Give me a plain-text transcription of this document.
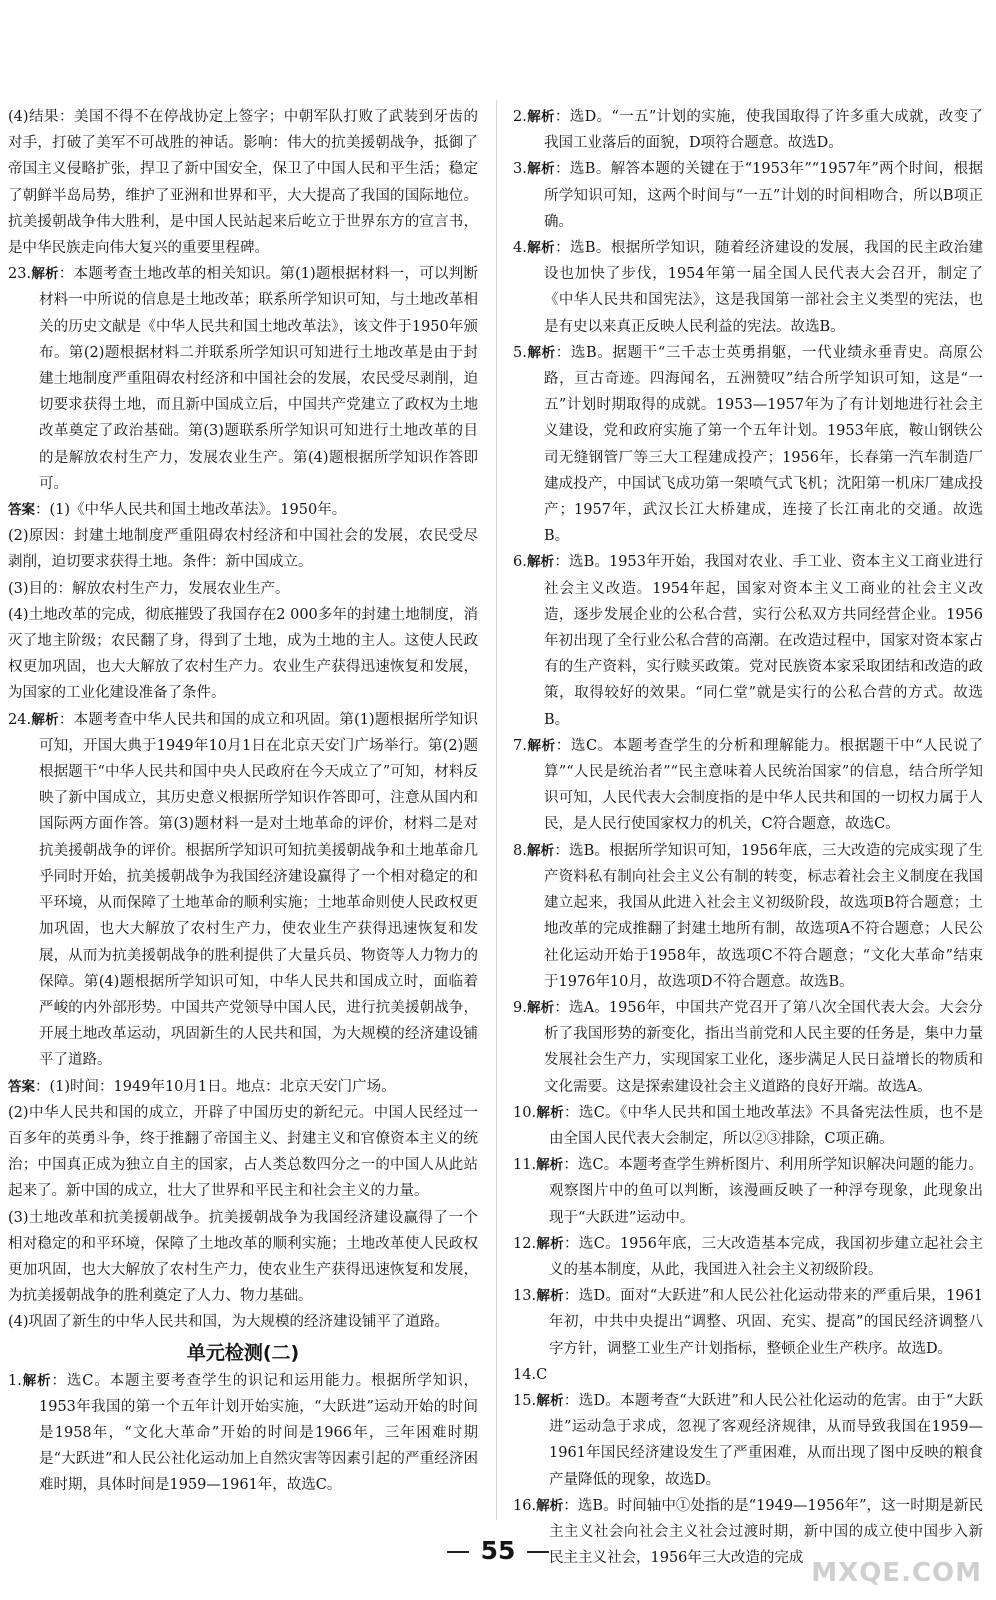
(4)结果：美国不得不在停战协定上签字；中朝军队打败了武装到牙齿的对手，打破了美军不可战胜的神话。影响：伟大的抗美援朝战争，抵御了帝国主义侵略扩张，捍卫了新中国安全，保卫了中国人民和平生活；稳定了朝鲜半岛局势，维护了亚洲和世界和平，大大提高了我国的国际地位。抗美援朝战争伟大胜利，是中国人民站起来后屹立于世界东方的宣言书，是中华民族走向伟大复兴的重要里程碑。

23.解析：本题考查土地改革的相关知识。第(1)题根据材料一，可以判断材料一中所说的信息是土地改革；联系所学知识可知，与土地改革相关的历史文献是《中华人民共和国土地改革法》，该文件于1950年颁布。第(2)题根据材料二并联系所学知识可知进行土地改革是由于封建土地制度严重阻碍农村经济和中国社会的发展，农民受尽剥削，迫切要求获得土地，而且新中国成立后，中国共产党建立了政权为土地改革奠定了政治基础。第(3)题联系所学知识可知进行土地改革的目的是解放农村生产力，发展农业生产。第(4)题根据所学知识作答即可。

答案：(1)《中华人民共和国土地改革法》。1950年。

(2)原因：封建土地制度严重阻碍农村经济和中国社会的发展，农民受尽剥削，迫切要求获得土地。条件：新中国成立。

(3)目的：解放农村生产力，发展农业生产。

(4)土地改革的完成，彻底摧毁了我国存在2 000多年的封建土地制度，消灭了地主阶级；农民翻了身，得到了土地，成为土地的主人。这使人民政权更加巩固，也大大解放了农村生产力。农业生产获得迅速恢复和发展，为国家的工业化建设准备了条件。

24.解析：本题考查中华人民共和国的成立和巩固。第(1)题根据所学知识可知，开国大典于1949年10月1日在北京天安门广场举行。第(2)题根据题干“中华人民共和国中央人民政府在今天成立了”可知，材料反映了新中国成立，其历史意义根据所学知识作答即可，注意从国内和国际两方面作答。第(3)题材料一是对土地革命的评价，材料二是对抗美援朝战争的评价。根据所学知识可知抗美援朝战争和土地革命几乎同时开始，抗美援朝战争为我国经济建设赢得了一个相对稳定的和平环境，从而保障了土地革命的顺利实施；土地革命则使人民政权更加巩固，也大大解放了农村生产力，使农业生产获得迅速恢复和发展，从而为抗美援朝战争的胜利提供了大量兵员、物资等人力物力的保障。第(4)题根据所学知识可知，中华人民共和国成立时，面临着严峻的内外部形势。中国共产党领导中国人民，进行抗美援朝战争，开展土地改革运动，巩固新生的人民共和国，为大规模的经济建设铺平了道路。

答案：(1)时间：1949年10月1日。地点：北京天安门广场。

(2)中华人民共和国的成立，开辟了中国历史的新纪元。中国人民经过一百多年的英勇斗争，终于推翻了帝国主义、封建主义和官僚资本主义的统治；中国真正成为独立自主的国家，占人类总数四分之一的中国人从此站起来了。新中国的成立，壮大了世界和平民主和社会主义的力量。

(3)土地改革和抗美援朝战争。抗美援朝战争为我国经济建设赢得了一个相对稳定的和平环境，保障了土地改革的顺利实施；土地改革使人民政权更加巩固，也大大解放了农村生产力，使农业生产获得迅速恢复和发展，为抗美援朝战争的胜利奠定了人力、物力基础。

(4)巩固了新生的中华人民共和国，为大规模的经济建设铺平了道路。

单元检测(二)
1.解析：选C。本题主要考查学生的识记和运用能力。根据所学知识，1953年我国的第一个五年计划开始实施，“大跃进”运动开始的时间是1958年，“文化大革命”开始的时间是1966年，三年困难时期是“大跃进”和人民公社化运动加上自然灾害等因素引起的严重经济困难时期，具体时间是1959—1961年，故选C。
2.解析：选D。“一五”计划的实施，使我国取得了许多重大成就，改变了我国工业落后的面貌，D项符合题意。故选D。
3.解析：选B。解答本题的关键在于“1953年”“1957年”两个时间，根据所学知识可知，这两个时间与“一五”计划的时间相吻合，所以B项正确。
4.解析：选B。根据所学知识，随着经济建设的发展，我国的民主政治建设也加快了步伐，1954年第一届全国人民代表大会召开，制定了《中华人民共和国宪法》，这是我国第一部社会主义类型的宪法，也是有史以来真正反映人民利益的宪法。故选B。
5.解析：选B。据题干“三千志士英勇捐躯，一代业绩永垂青史。高原公路，亘古奇迹。四海闻名，五洲赞叹”结合所学知识可知，这是“一五”计划时期取得的成就。1953—1957年为了有计划地进行社会主义建设，党和政府实施了第一个五年计划。1953年底，鞍山钢铁公司无缝钢管厂等三大工程建成投产；1956年，长春第一汽车制造厂建成投产，中国试飞成功第一架喷气式飞机；沈阳第一机床厂建成投产；1957年，武汉长江大桥建成，连接了长江南北的交通。故选B。
6.解析：选B。1953年开始，我国对农业、手工业、资本主义工商业进行社会主义改造。1954年起，国家对资本主义工商业的社会主义改造，逐步发展企业的公私合营，实行公私双方共同经营企业。1956年初出现了全行业公私合营的高潮。在改造过程中，国家对资本家占有的生产资料，实行赎买政策。党对民族资本家采取团结和改造的政策，取得较好的效果。“同仁堂”就是实行的公私合营的方式。故选B。
7.解析：选C。本题考查学生的分析和理解能力。根据题干中“人民说了算”“人民是统治者”“民主意味着人民统治国家”的信息，结合所学知识可知，人民代表大会制度指的是中华人民共和国的一切权力属于人民，是人民行使国家权力的机关，C符合题意，故选C。
8.解析：选B。根据所学知识可知，1956年底，三大改造的完成实现了生产资料私有制向社会主义公有制的转变，标志着社会主义制度在我国建立起来，我国从此进入社会主义初级阶段，故选项B符合题意；土地改革的完成推翻了封建土地所有制，故选项A不符合题意；人民公社化运动开始于1958年，故选项C不符合题意；“文化大革命”结束于1976年10月，故选项D不符合题意。故选B。
9.解析：选A。1956年，中国共产党召开了第八次全国代表大会。大会分析了我国形势的新变化，指出当前党和人民主要的任务是，集中力量发展社会生产力，实现国家工业化，逐步满足人民日益增长的物质和文化需要。这是探索建设社会主义道路的良好开端。故选A。
10.解析：选C。《中华人民共和国土地改革法》不具备宪法性质，也不是由全国人民代表大会制定，所以②③排除，C项正确。
11.解析：选C。本题考查学生辨析图片、利用所学知识解决问题的能力。观察图片中的鱼可以判断，该漫画反映了一种浮夸现象，此现象出现于“大跃进”运动中。
12.解析：选C。1956年底，三大改造基本完成，我国初步建立起社会主义的基本制度，从此，我国进入社会主义初级阶段。
13.解析：选D。面对“大跃进”和人民公社化运动带来的严重后果，1961年初，中共中央提出“调整、巩固、充实、提高”的国民经济调整八字方针，调整工业生产计划指标，整顿企业生产秩序。故选D。
14.C
15.解析：选D。本题考查“大跃进”和人民公社化运动的危害。由于“大跃进”运动急于求成，忽视了客观经济规律，从而导致我国在1959—1961年国民经济建设发生了严重困难，从而出现了图中反映的粮食产量降低的现象，故选D。
16.解析：选B。时间轴中①处指的是“1949—1956年”，这一时期是新民主主义社会向社会主义社会过渡时期，新中国的成立使中国步入新民主主义社会，1956年三大改造的完成
55
MXQE.COM
